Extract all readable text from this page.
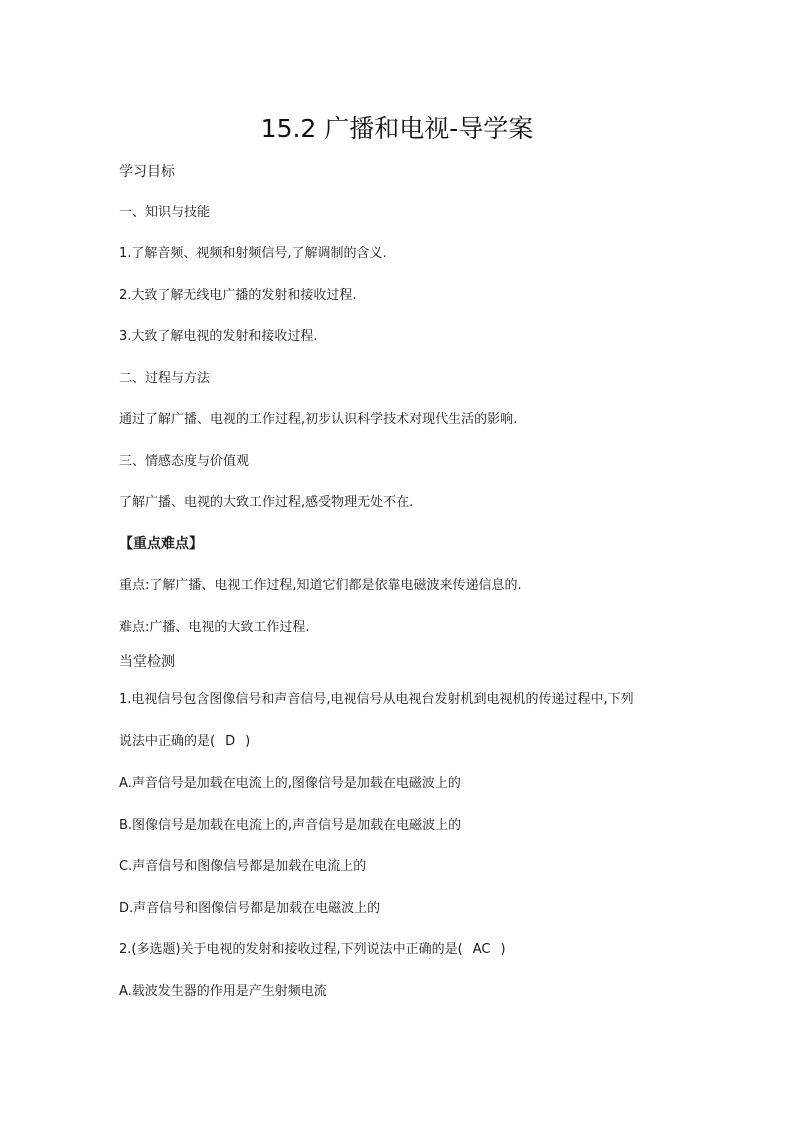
15.2 广播和电视-导学案
学习目标
一、知识与技能
1.了解音频、视频和射频信号,了解调制的含义.
2.大致了解无线电广播的发射和接收过程.
3.大致了解电视的发射和接收过程.
二、过程与方法
通过了解广播、电视的工作过程,初步认识科学技术对现代生活的影响.
三、情感态度与价值观
了解广播、电视的大致工作过程,感受物理无处不在.
【重点难点】
重点:了解广播、电视工作过程,知道它们都是依靠电磁波来传递信息的.
难点:广播、电视的大致工作过程.
当堂检测
1.电视信号包含图像信号和声音信号,电视信号从电视台发射机到电视机的传递过程中,下列
说法中正确的是( D )
A.声音信号是加载在电流上的,图像信号是加载在电磁波上的
B.图像信号是加载在电流上的,声音信号是加载在电磁波上的
C.声音信号和图像信号都是加载在电流上的
D.声音信号和图像信号都是加载在电磁波上的
2.(多选题)关于电视的发射和接收过程,下列说法中正确的是( AC )
A.载波发生器的作用是产生射频电流
